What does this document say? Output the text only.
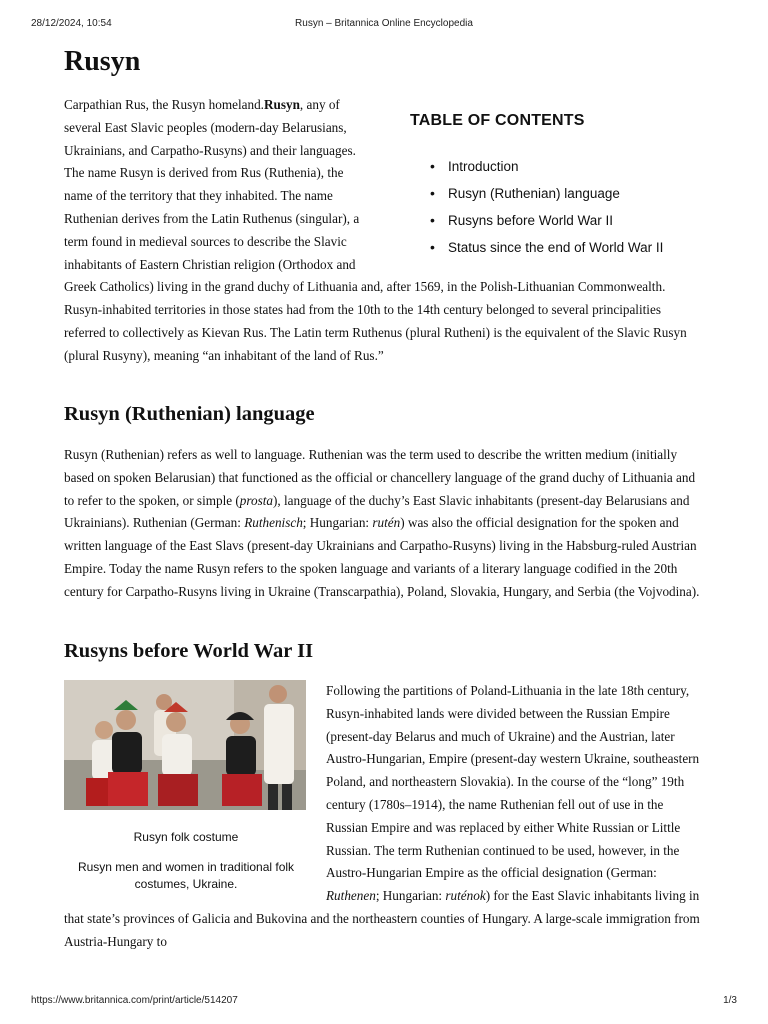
28/12/2024, 10:54	Rusyn – Britannica Online Encyclopedia
Rusyn
TABLE OF CONTENTS
• Introduction
• Rusyn (Ruthenian) language
• Rusyns before World War II
• Status since the end of World War II
Carpathian Rus, the Rusyn homeland.Rusyn, any of several East Slavic peoples (modern-day Belarusians, Ukrainians, and Carpatho-Rusyns) and their languages. The name Rusyn is derived from Rus (Ruthenia), the name of the territory that they inhabited. The name Ruthenian derives from the Latin Ruthenus (singular), a term found in medieval sources to describe the Slavic inhabitants of Eastern Christian religion (Orthodox and Greek Catholics) living in the grand duchy of Lithuania and, after 1569, in the Polish-Lithuanian Commonwealth. Rusyn-inhabited territories in those states had from the 10th to the 14th century belonged to several principalities referred to collectively as Kievan Rus. The Latin term Ruthenus (plural Rutheni) is the equivalent of the Slavic Rusyn (plural Rusyny), meaning “an inhabitant of the land of Rus.”
Rusyn (Ruthenian) language

Rusyn (Ruthenian) refers as well to language. Ruthenian was the term used to describe the written medium (initially based on spoken Belarusian) that functioned as the official or chancellery language of the grand duchy of Lithuania and to refer to the spoken, or simple (prosta), language of the duchy’s East Slavic inhabitants (present-day Belarusians and Ukrainians). Ruthenian (German: Ruthenisch; Hungarian: rutén) was also the official designation for the spoken and written language of the East Slavs (present-day Ukrainians and Carpatho-Rusyns) living in the Habsburg-ruled Austrian Empire. Today the name Rusyn refers to the spoken language and variants of a literary language codified in the 20th century for Carpatho-Rusyns living in Ukraine (Transcarpathia), Poland, Slovakia, Hungary, and Serbia (the Vojvodina).

Rusyns before World War II
Rusyn folk costume
Rusyn men and women in traditional folk costumes, Ukraine.
Following the partitions of Poland-Lithuania in the late 18th century, Rusyn-inhabited lands were divided between the Russian Empire (present-day Belarus and much of Ukraine) and the Austrian, later Austro-Hungarian, Empire (present-day western Ukraine, southeastern Poland, and northeastern Slovakia). In the course of the “long” 19th century (1780s–1914), the name Ruthenian fell out of use in the Russian Empire and was replaced by either White Russian or Little Russian. The term Ruthenian continued to be used, however, in the Austro-Hungarian Empire as the official designation (German: Ruthenen; Hungarian: ruténok) for the East Slavic inhabitants living in that state’s provinces of Galicia and Bukovina and the northeastern counties of Hungary. A large-scale immigration from Austria-Hungary to
https://www.britannica.com/print/article/514207	1/3
